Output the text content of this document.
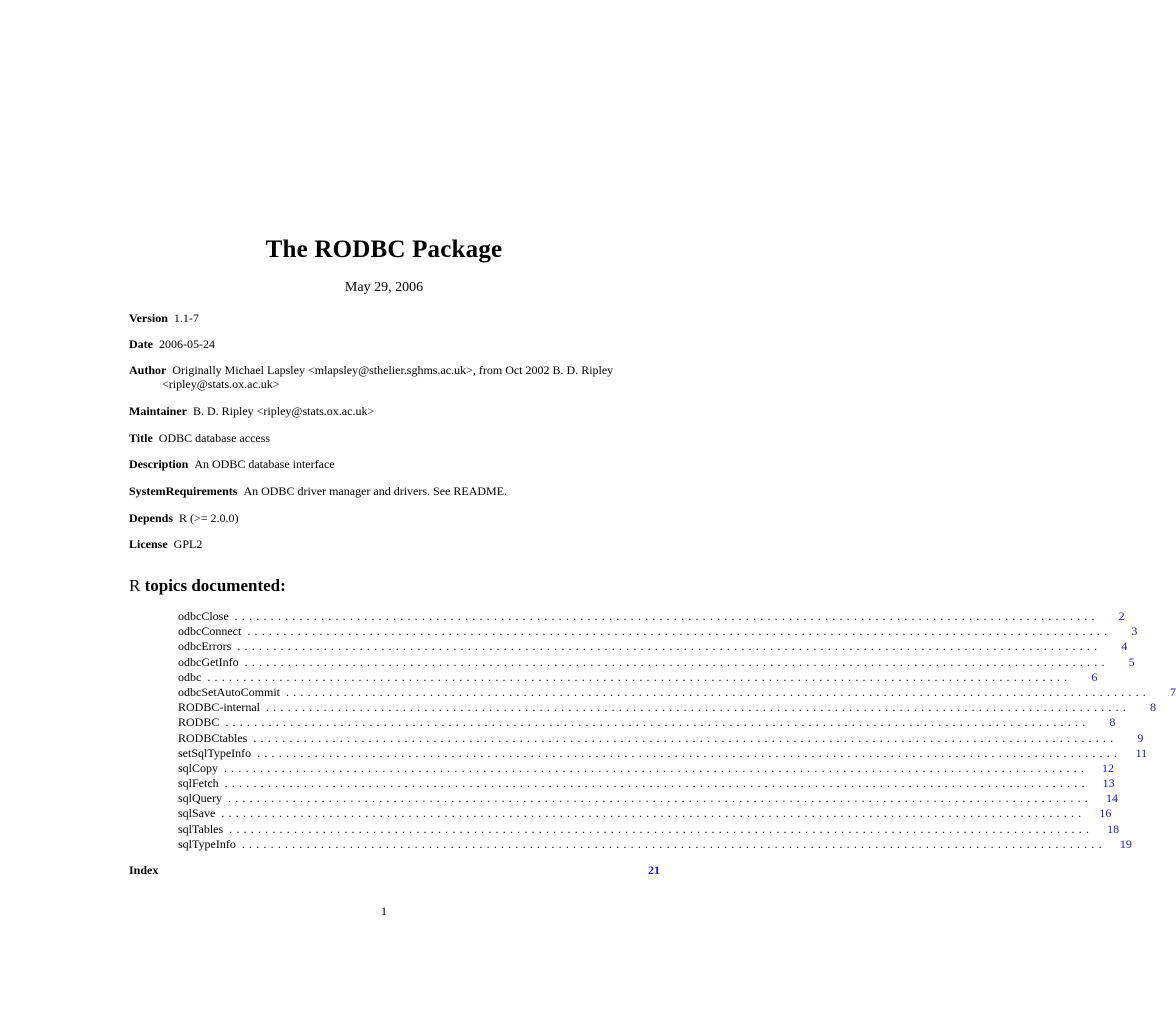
The RODBC Package
May 29, 2006
Version 1.1-7
Date 2006-05-24
Author Originally Michael Lapsley <mlapsley@sthelier.sghms.ac.uk>, from Oct 2002 B. D. Ripley
<ripley@stats.ox.ac.uk>
Maintainer B. D. Ripley <ripley@stats.ox.ac.uk>
Title ODBC database access
Description An ODBC database interface
SystemRequirements An ODBC driver manager and drivers. See README.
Depends R (>= 2.0.0)
License GPL2
R topics documented:
odbcClose ........................................................................................................................	2
odbcConnect ........................................................................................................................	3
odbcErrors ........................................................................................................................	4
odbcGetInfo ........................................................................................................................	5
odbc ........................................................................................................................	6
odbcSetAutoCommit ........................................................................................................................	7
RODBC-internal ........................................................................................................................	8
RODBC ........................................................................................................................	8
RODBCtables ........................................................................................................................	9
setSqlTypeInfo ........................................................................................................................	11
sqlCopy ........................................................................................................................	12
sqlFetch ........................................................................................................................	13
sqlQuery ........................................................................................................................	14
sqlSave ........................................................................................................................	16
sqlTables ........................................................................................................................	18
sqlTypeInfo ........................................................................................................................	19
Index	21
1
